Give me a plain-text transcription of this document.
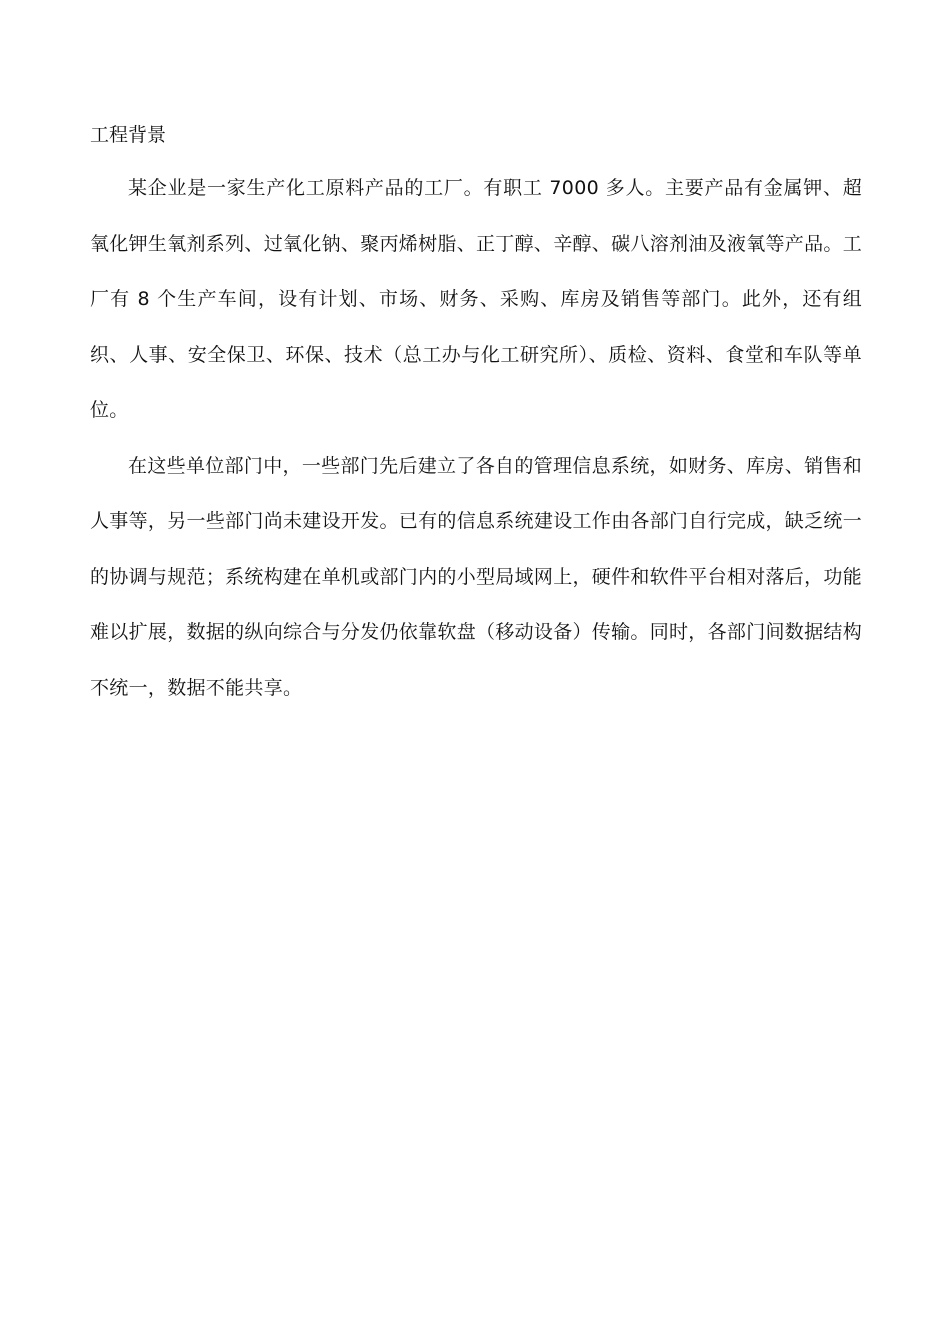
工程背景

某企业是一家生产化工原料产品的工厂。有职工 7000 多人。主要产品有金属钾、超氧化钾生氧剂系列、过氧化钠、聚丙烯树脂、正丁醇、辛醇、碳八溶剂油及液氧等产品。工厂有 8 个生产车间，设有计划、市场、财务、采购、库房及销售等部门。此外，还有组织、人事、安全保卫、环保、技术（总工办与化工研究所）、质检、资料、食堂和车队等单位。

在这些单位部门中，一些部门先后建立了各自的管理信息系统，如财务、库房、销售和人事等，另一些部门尚未建设开发。已有的信息系统建设工作由各部门自行完成，缺乏统一的协调与规范；系统构建在单机或部门内的小型局域网上，硬件和软件平台相对落后，功能难以扩展，数据的纵向综合与分发仍依靠软盘（移动设备）传输。同时，各部门间数据结构不统一，数据不能共享。
